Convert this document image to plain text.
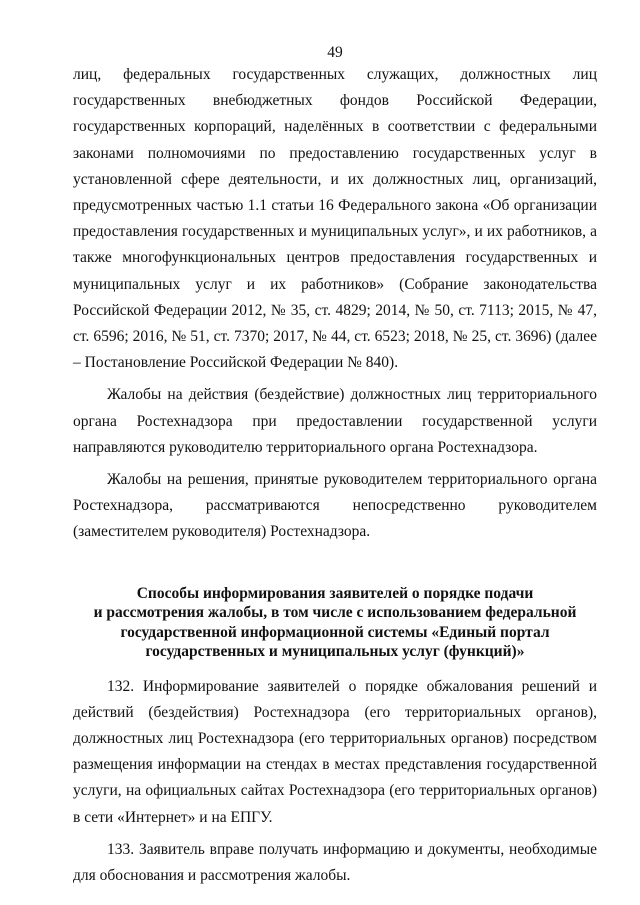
49

лиц, федеральных государственных служащих, должностных лиц государственных внебюджетных фондов Российской Федерации, государственных корпораций, наделённых в соответствии с федеральными законами полномочиями по предоставлению государственных услуг в установленной сфере деятельности, и их должностных лиц, организаций, предусмотренных частью 1.1 статьи 16 Федерального закона «Об организации предоставления государственных и муниципальных услуг», и их работников, а также многофункциональных центров предоставления государственных и муниципальных услуг и их работников» (Собрание законодательства Российской Федерации 2012, № 35, ст. 4829; 2014, № 50, ст. 7113; 2015, № 47, ст. 6596; 2016, № 51, ст. 7370; 2017, № 44, ст. 6523; 2018, № 25, ст. 3696) (далее – Постановление Российской Федерации № 840).

Жалобы на действия (бездействие) должностных лиц территориального органа Ростехнадзора при предоставлении государственной услуги направляются руководителю территориального органа Ростехнадзора.

Жалобы на решения, принятые руководителем территориального органа Ростехнадзора, рассматриваются непосредственно руководителем (заместителем руководителя) Ростехнадзора.

Способы информирования заявителей о порядке подачи
и рассмотрения жалобы, в том числе с использованием федеральной
государственной информационной системы «Единый портал
государственных и муниципальных услуг (функций)»

132. Информирование заявителей о порядке обжалования решений и действий (бездействия) Ростехнадзора (его территориальных органов), должностных лиц Ростехнадзора (его территориальных органов) посредством размещения информации на стендах в местах представления государственной услуги, на официальных сайтах Ростехнадзора (его территориальных органов) в сети «Интернет» и на ЕПГУ.

133. Заявитель вправе получать информацию и документы, необходимые для обоснования и рассмотрения жалобы.
